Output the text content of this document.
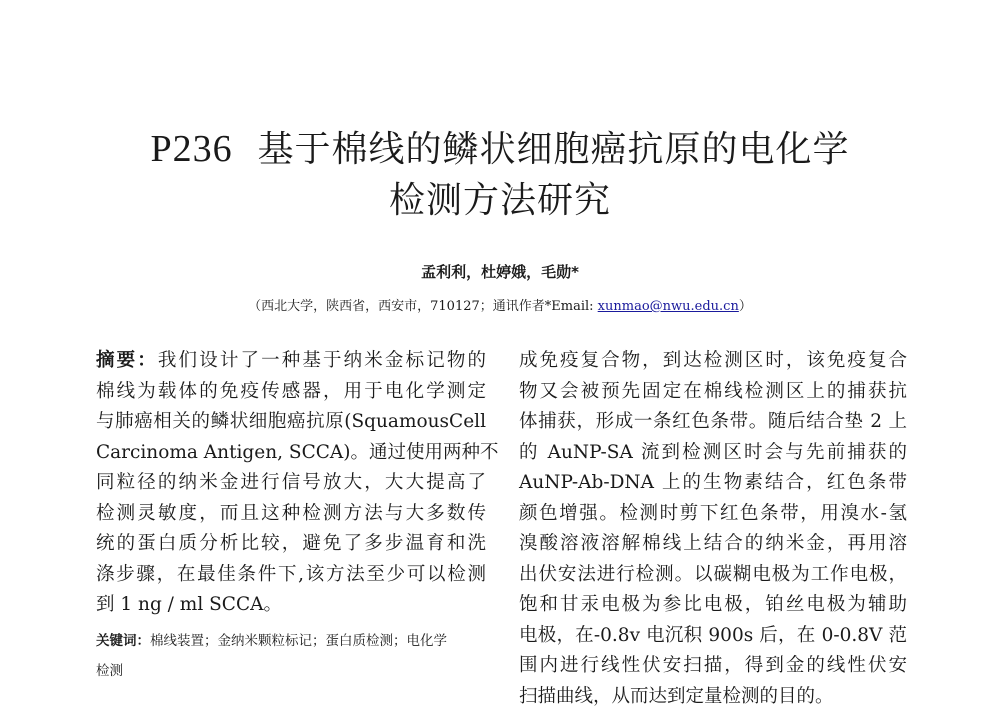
P236 基于棉线的鳞状细胞癌抗原的电化学
检测方法研究
孟利利，杜婷娥，毛勋*
（西北大学，陕西省，西安市，710127；通讯作者*Email: xunmao@nwu.edu.cn）
摘要：我们设计了一种基于纳米金标记物的
棉线为载体的免疫传感器，用于电化学测定
与肺癌相关的鳞状细胞癌抗原(SquamousCell
Carcinoma Antigen, SCCA)。通过使用两种不
同粒径的纳米金进行信号放大，大大提高了
检测灵敏度，而且这种检测方法与大多数传
统的蛋白质分析比较，避免了多步温育和洗
涤步骤，在最佳条件下,该方法至少可以检测
到 1 ng / ml SCCA。
关键词：棉线装置；金纳米颗粒标记；蛋白质检测；电化学
检测
成免疫复合物，到达检测区时，该免疫复合
物又会被预先固定在棉线检测区上的捕获抗
体捕获，形成一条红色条带。随后结合垫 2 上
的 AuNP-SA 流到检测区时会与先前捕获的
AuNP-Ab-DNA 上的生物素结合，红色条带
颜色增强。检测时剪下红色条带，用溴水-氢
溴酸溶液溶解棉线上结合的纳米金，再用溶
出伏安法进行检测。以碳糊电极为工作电极，
饱和甘汞电极为参比电极，铂丝电极为辅助
电极，在-0.8v 电沉积 900s 后，在 0-0.8V 范
围内进行线性伏安扫描，得到金的线性伏安
扫描曲线，从而达到定量检测的目的。
